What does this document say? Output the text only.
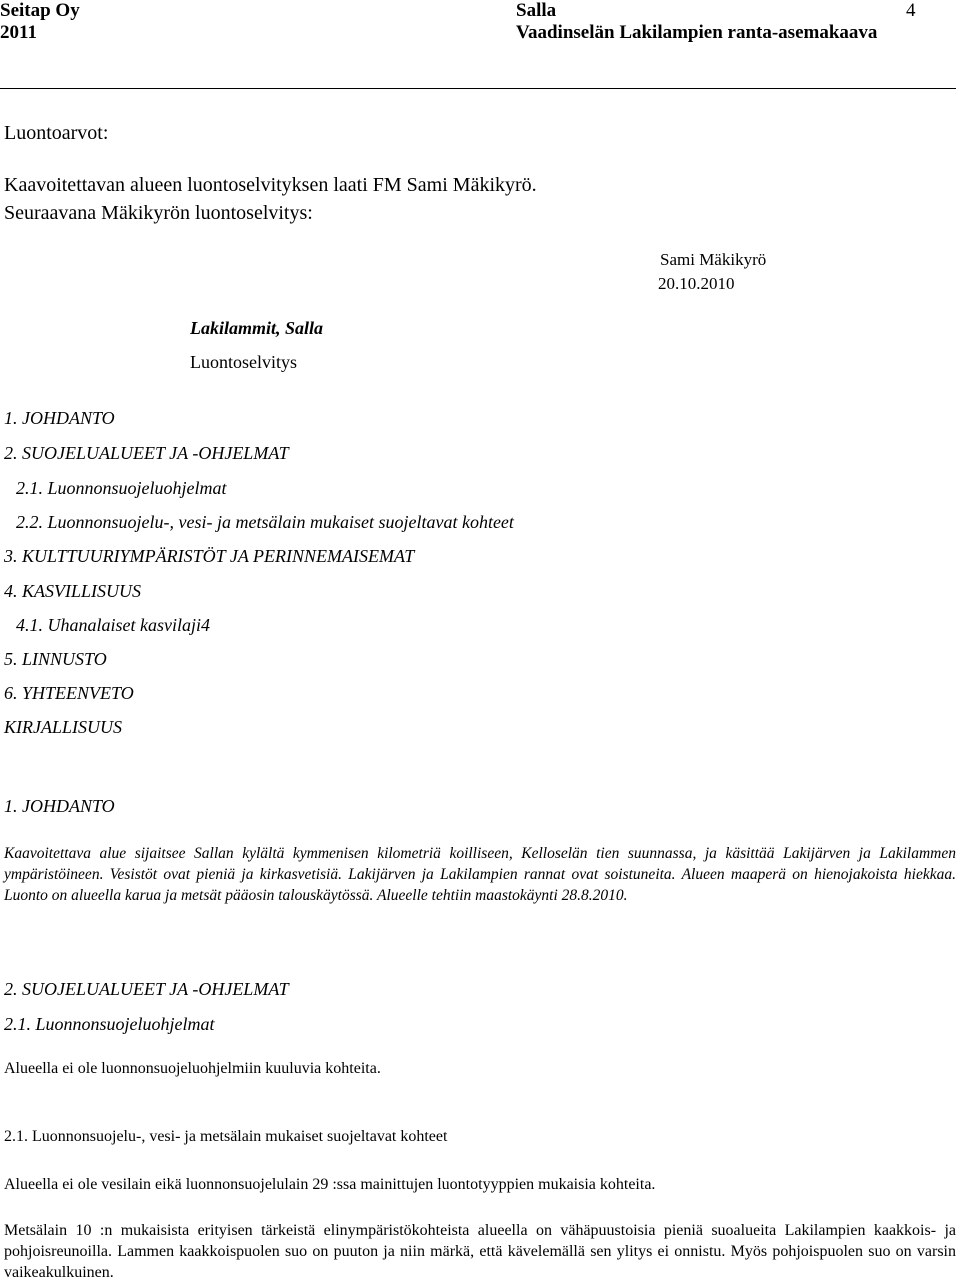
Seitap Oy
2011
Salla
Vaadinselän Lakilampien ranta-asemakaava
4
Luontoarvot:
Kaavoitettavan alueen luontoselvityksen laati FM Sami Mäkikyrö.
Seuraavana Mäkikyrön luontoselvitys:
Sami Mäkikyrö
20.10.2010
Lakilammit, Salla
Luontoselvitys
1. JOHDANTO
2. SUOJELUALUEET JA -OHJELMAT
2.1. Luonnonsuojeluohjelmat
2.2. Luonnonsuojelu-, vesi- ja metsälain mukaiset suojeltavat kohteet
3. KULTTUURIYMPÄRISTÖT JA PERINNEMAISEMAT
4. KASVILLISUUS
4.1. Uhanalaiset kasvilaji4
5. LINNUSTO
6. YHTEENVETO
KIRJALLISUUS
1. JOHDANTO

Kaavoitettava alue sijaitsee Sallan kylältä kymmenisen kilometriä koilliseen, Kelloselän tien suunnassa, ja käsittää Lakijärven ja Lakilammen ympäristöineen. Vesistöt ovat pieniä ja kirkasvetisiä. Lakijärven ja Lakilampien rannat ovat soistuneita. Alueen maaperä on hienojakoista hiekkaa. Luonto on alueella karua ja metsät pääosin talouskäytössä. Alueelle tehtiin maastokäynti 28.8.2010.

2. SUOJELUALUEET JA -OHJELMAT
2.1. Luonnonsuojeluohjelmat
Alueella ei ole luonnonsuojeluohjelmiin kuuluvia kohteita.
2.1. Luonnonsuojelu-, vesi- ja metsälain mukaiset suojeltavat kohteet
Alueella ei ole vesilain eikä luonnonsuojelulain 29 :ssa mainittujen luontotyyppien mukaisia kohteita.

Metsälain 10 :n mukaisista erityisen tärkeistä elinympäristökohteista alueella on vähäpuustoisia pieniä suoalueita Lakilampien kaakkois- ja pohjoisreunoilla. Lammen kaakkoispuolen suo on puuton ja niin märkä, että kävelemällä sen ylitys ei onnistu. Myös pohjoispuolen suo on varsin vaikeakulkuinen.
